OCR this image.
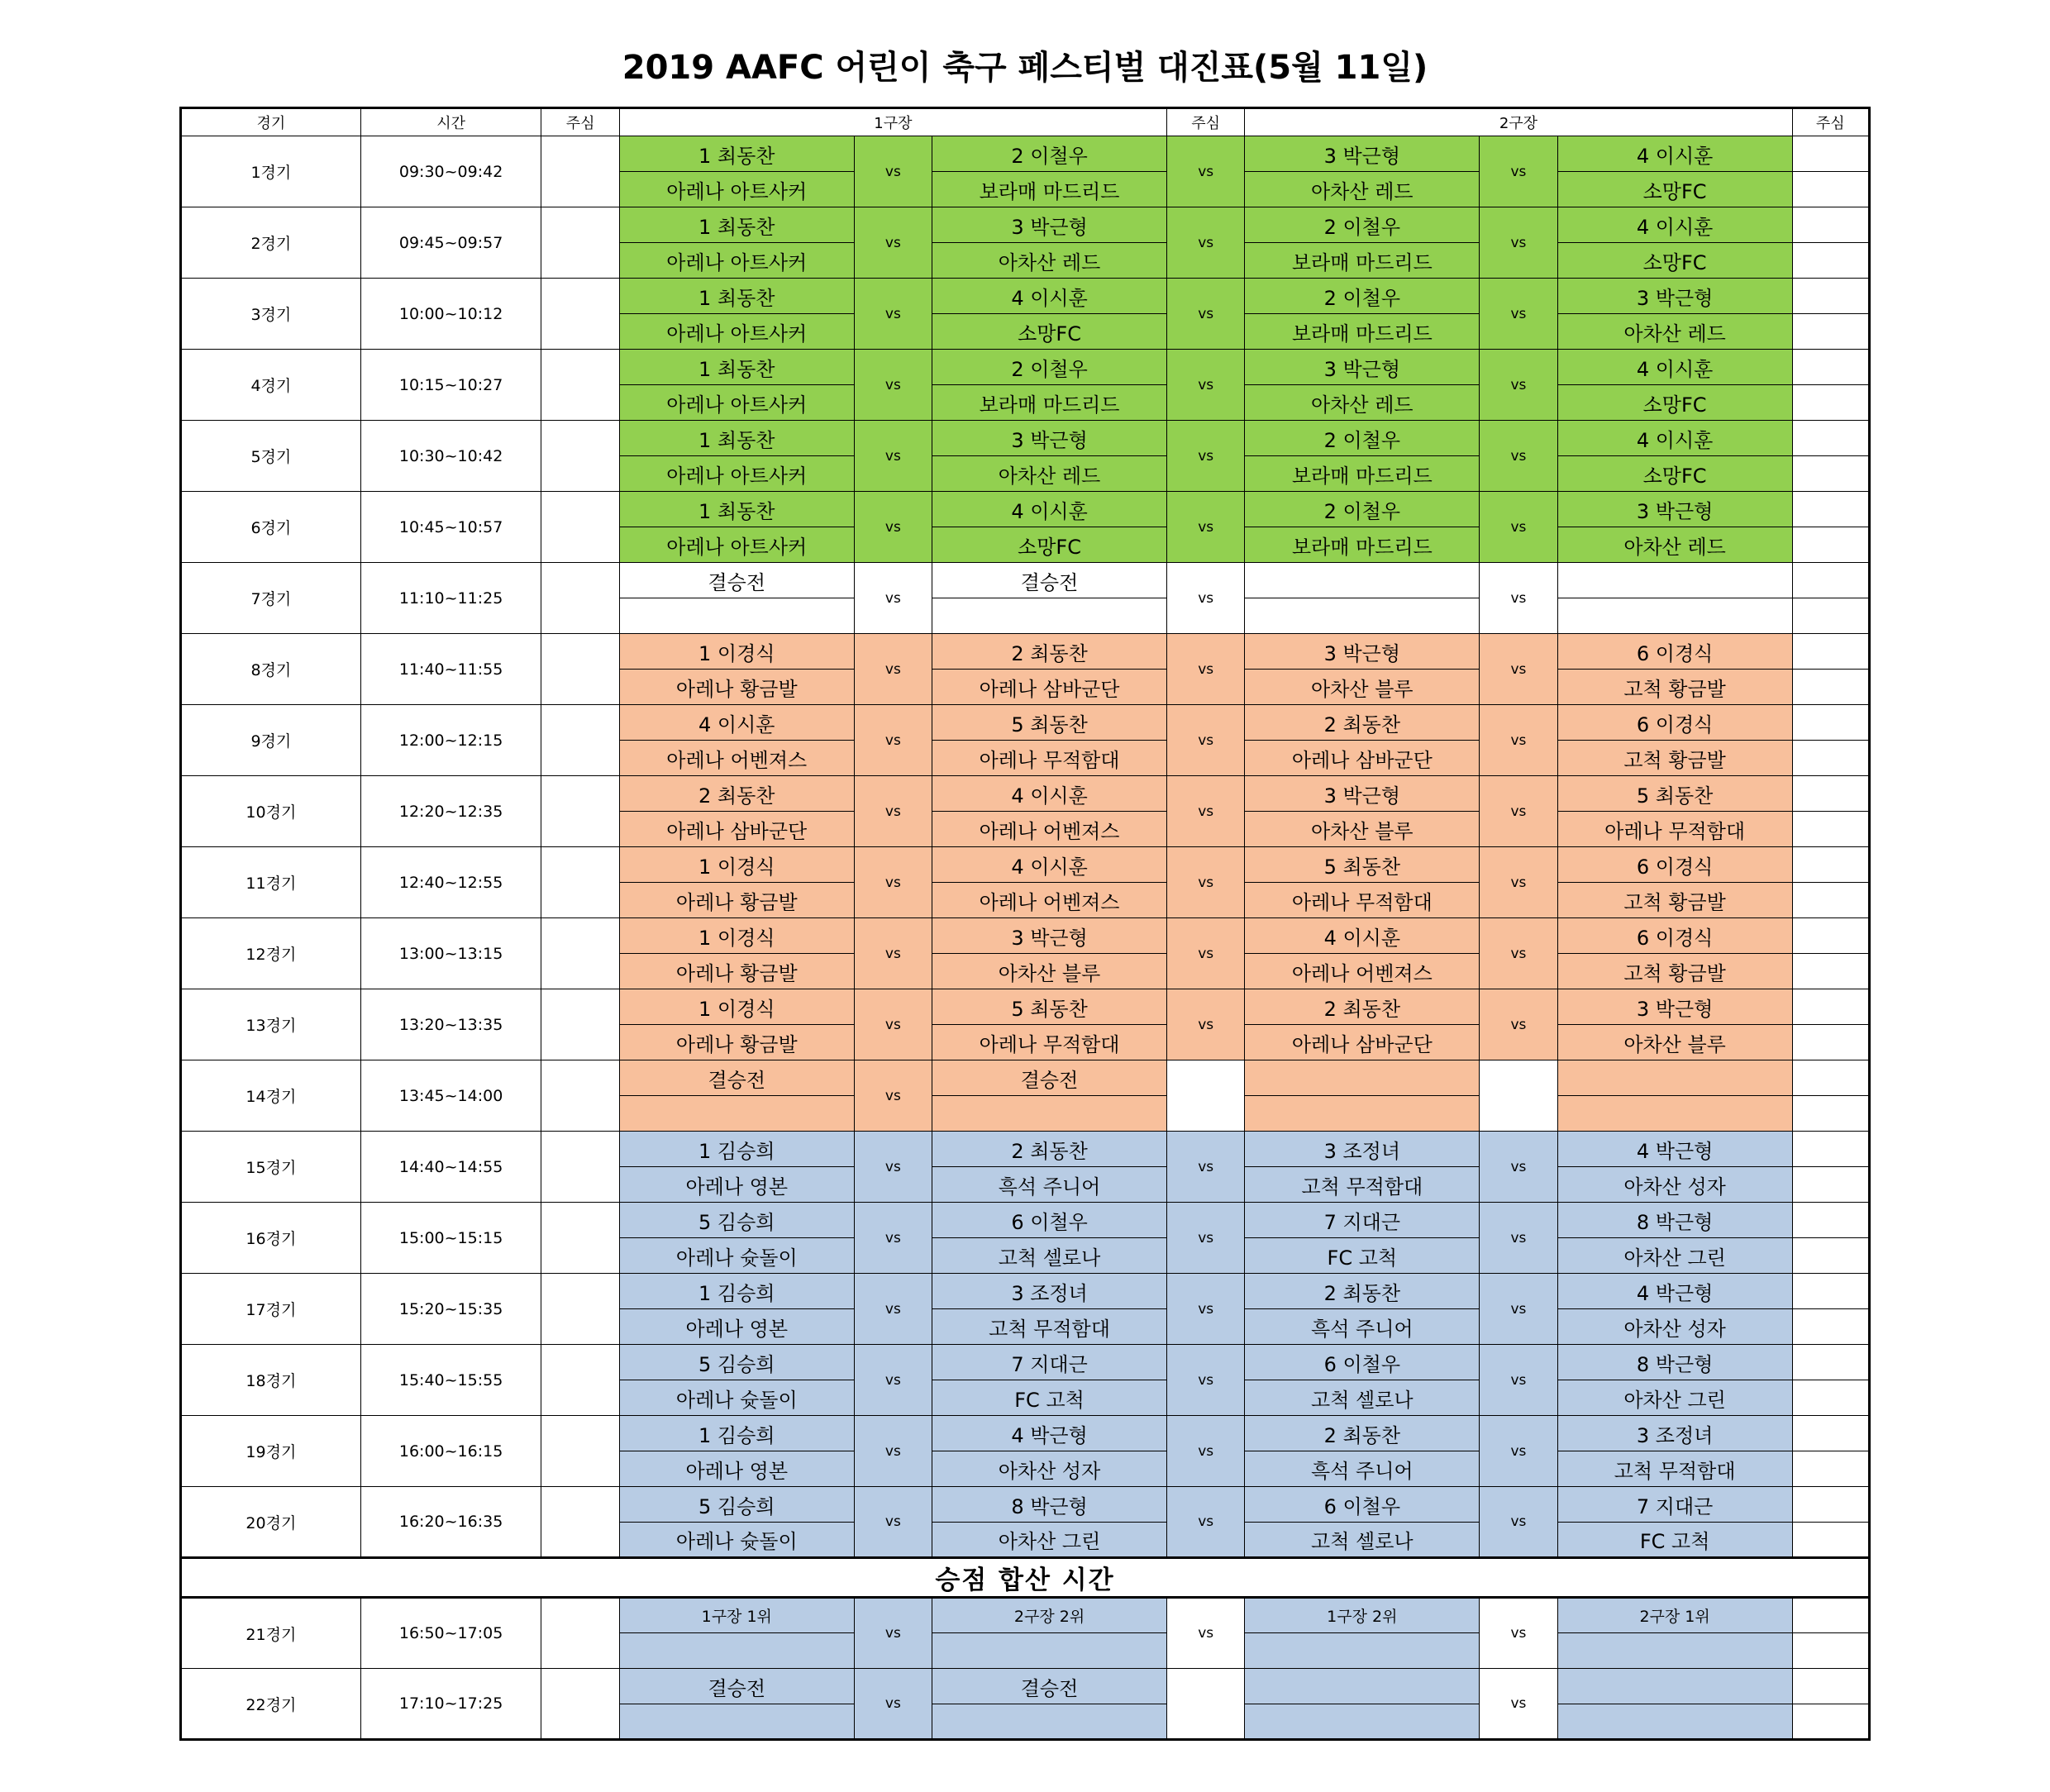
2019 AAFC 어린이 축구 페스티벌 대진표(5월 11일)
경기	시간	주심	1구장			주심	2구장			주심
1경기	09:30~09:42		1 최동찬	vs	2 이철우	vs	3 박근형	vs	4 이시훈	
			아레나 아트사커		보라매 마드리드		아차산 레드		소망FC	
2경기	09:45~09:57		1 최동찬	vs	3 박근형	vs	2 이철우	vs	4 이시훈	
			아레나 아트사커		아차산 레드		보라매 마드리드		소망FC	
3경기	10:00~10:12		1 최동찬	vs	4 이시훈	vs	2 이철우	vs	3 박근형	
			아레나 아트사커		소망FC		보라매 마드리드		아차산 레드	
4경기	10:15~10:27		1 최동찬	vs	2 이철우	vs	3 박근형	vs	4 이시훈	
			아레나 아트사커		보라매 마드리드		아차산 레드		소망FC	
5경기	10:30~10:42		1 최동찬	vs	3 박근형	vs	2 이철우	vs	4 이시훈	
			아레나 아트사커		아차산 레드		보라매 마드리드		소망FC	
6경기	10:45~10:57		1 최동찬	vs	4 이시훈	vs	2 이철우	vs	3 박근형	
			아레나 아트사커		소망FC		보라매 마드리드		아차산 레드	
7경기	11:10~11:25		결승전	vs	결승전	vs		vs		

8경기	11:40~11:55		1 이경식	vs	2 최동찬	vs	3 박근형	vs	6 이경식	
			아레나 황금발		아레나 삼바군단		아차산 블루		고척 황금발	
9경기	12:00~12:15		4 이시훈	vs	5 최동찬	vs	2 최동찬	vs	6 이경식	
			아레나 어벤져스		아레나 무적함대		아레나 삼바군단		고척 황금발	
10경기	12:20~12:35		2 최동찬	vs	4 이시훈	vs	3 박근형	vs	5 최동찬	
			아레나 삼바군단		아레나 어벤져스		아차산 블루		아레나 무적함대	
11경기	12:40~12:55		1 이경식	vs	4 이시훈	vs	5 최동찬	vs	6 이경식	
			아레나 황금발		아레나 어벤져스		아레나 무적함대		고척 황금발	
12경기	13:00~13:15		1 이경식	vs	3 박근형	vs	4 이시훈	vs	6 이경식	
			아레나 황금발		아차산 블루		아레나 어벤져스		고척 황금발	
13경기	13:20~13:35		1 이경식	vs	5 최동찬	vs	2 최동찬	vs	3 박근형	
			아레나 황금발		아레나 무적함대		아레나 삼바군단		아차산 블루	
14경기	13:45~14:00		결승전	vs	결승전					

15경기	14:40~14:55		1 김승희	vs	2 최동찬	vs	3 조정녀	vs	4 박근형	
			아레나 영본		흑석 주니어		고척 무적함대		아차산 성자	
16경기	15:00~15:15		5 김승희	vs	6 이철우	vs	7 지대근	vs	8 박근형	
			아레나 슛돌이		고척 셀로나		FC 고척		아차산 그린	
17경기	15:20~15:35		1 김승희	vs	3 조정녀	vs	2 최동찬	vs	4 박근형	
			아레나 영본		고척 무적함대		흑석 주니어		아차산 성자	
18경기	15:40~15:55		5 김승희	vs	7 지대근	vs	6 이철우	vs	8 박근형	
			아레나 슛돌이		FC 고척		고척 셀로나		아차산 그린	
19경기	16:00~16:15		1 김승희	vs	4 박근형	vs	2 최동찬	vs	3 조정녀	
			아레나 영본		아차산 성자		흑석 주니어		고척 무적함대	
20경기	16:20~16:35		5 김승희	vs	8 박근형	vs	6 이철우	vs	7 지대근	
			아레나 슛돌이		아차산 그린		고척 셀로나		FC 고척	
승점 합산 시간										
21경기	16:50~17:05		1구장 1위	vs	2구장 2위	vs	1구장 2위	vs	2구장 1위	

22경기	17:10~17:25		결승전	vs	결승전			vs		
